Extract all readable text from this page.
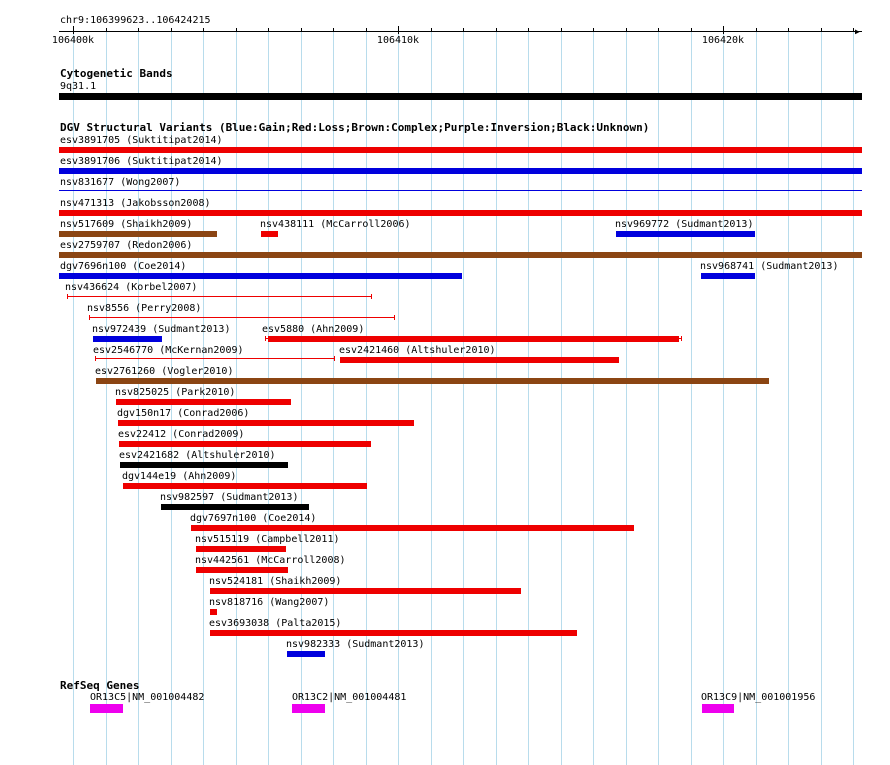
chr9:106399623..106424215
▶
106400k	106410k	106420k
Cytogenetic Bands
9q31.1
DGV Structural Variants (Blue:Gain;Red:Loss;Brown:Complex;Purple:Inversion;Black:Unknown)
esv3891705 (Suktitipat2014)
esv3891706 (Suktitipat2014)
nsv831677 (Wong2007)
nsv471313 (Jakobsson2008)
nsv517609 (Shaikh2009)	nsv438111 (McCarroll2006)	nsv969772 (Sudmant2013)
esv2759707 (Redon2006)
dgv7696n100 (Coe2014)	nsv968741 (Sudmant2013)
nsv436624 (Korbel2007)
nsv8556 (Perry2008)
nsv972439 (Sudmant2013)	esv5880 (Ahn2009)
esv2546770 (McKernan2009)	esv2421460 (Altshuler2010)
esv2761260 (Vogler2010)
nsv825025 (Park2010)
dgv150n17 (Conrad2006)
esv22412 (Conrad2009)
esv2421682 (Altshuler2010)
dgv144e19 (Ahn2009)
nsv982597 (Sudmant2013)
dgv7697n100 (Coe2014)
nsv515119 (Campbell2011)
nsv442561 (McCarroll2008)
nsv524181 (Shaikh2009)
nsv818716 (Wang2007)
esv3693038 (Palta2015)
nsv982333 (Sudmant2013)
RefSeq Genes
OR13C5|NM_001004482	OR13C2|NM_001004481	OR13C9|NM_001001956
